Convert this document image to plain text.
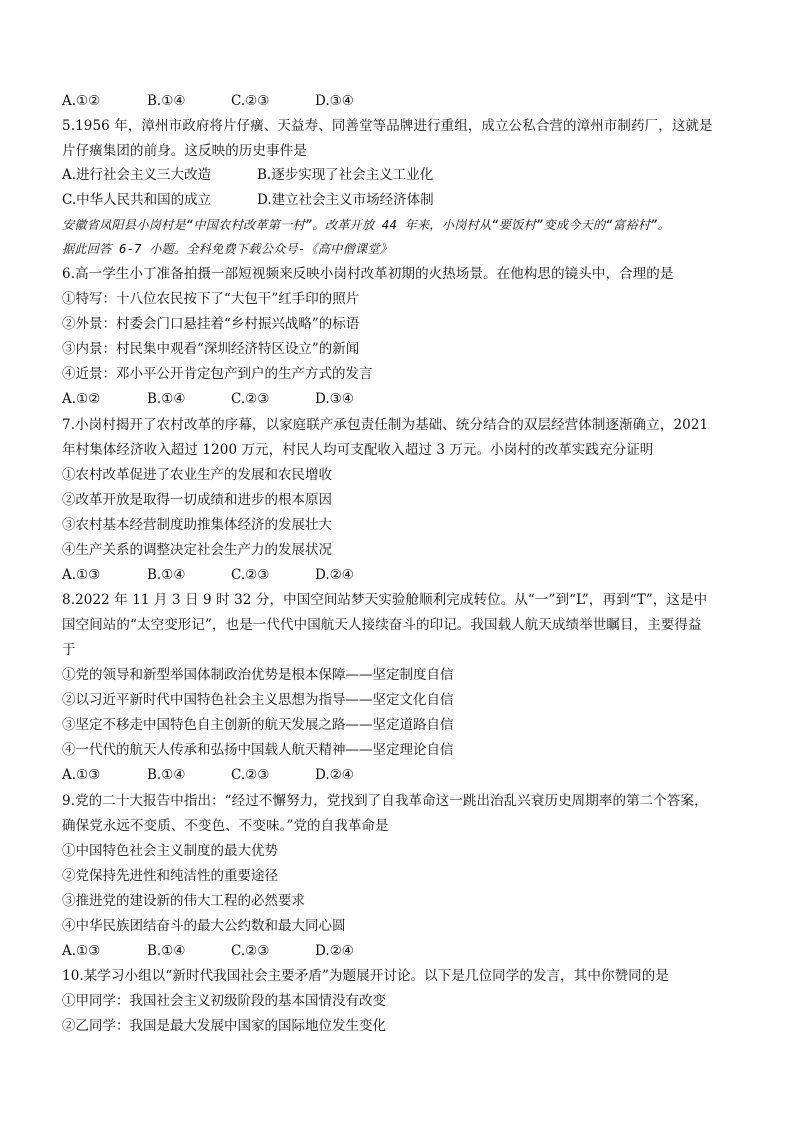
A.①②	B.①④	C.②③	D.③④
5.1956 年，漳州市政府将片仔癀、天益寿、同善堂等品牌进行重组，成立公私合营的漳州市制药厂，这就是
片仔癀集团的前身。这反映的历史事件是
A.进行社会主义三大改造	B.逐步实现了社会主义工业化
C.中华人民共和国的成立	D.建立社会主义市场经济体制
安徽省凤阳县小岗村是“中国农村改革第一村”。改革开放 44 年来，小岗村从“要饭村”变成今天的“富裕村”。
据此回答 6-7 小题。全科免费下载公众号-《高中僧课堂》
6.高一学生小丁准备拍摄一部短视频来反映小岗村改革初期的火热场景。在他构思的镜头中，合理的是
①特写：十八位农民按下了“大包干”红手印的照片
②外景：村委会门口悬挂着“乡村振兴战略”的标语
③内景：村民集中观看“深圳经济特区设立”的新闻
④近景：邓小平公开肯定包产到户的生产方式的发言
A.①②	B.①④	C.②③	D.③④
7.小岗村揭开了农村改革的序幕，以家庭联产承包责任制为基础、统分结合的双层经营体制逐渐确立，2021
年村集体经济收入超过 1200 万元，村民人均可支配收入超过 3 万元。小岗村的改革实践充分证明
①农村改革促进了农业生产的发展和农民增收
②改革开放是取得一切成绩和进步的根本原因
③农村基本经营制度助推集体经济的发展壮大
④生产关系的调整决定社会生产力的发展状况
A.①③	B.①④	C.②③	D.②④
8.2022 年 11 月 3 日 9 时 32 分，中国空间站梦天实验舱顺利完成转位。从“一”到“L”，再到“T”，这是中
国空间站的“太空变形记”，也是一代代中国航天人接续奋斗的印记。我国载人航天成绩举世瞩目，主要得益
于
①党的领导和新型举国体制政治优势是根本保障——坚定制度自信
②以习近平新时代中国特色社会主义思想为指导——坚定文化自信
③坚定不移走中国特色自主创新的航天发展之路——坚定道路自信
④一代代的航天人传承和弘扬中国载人航天精神——坚定理论自信
A.①③	B.①④	C.②③	D.②④
9.党的二十大报告中指出：“经过不懈努力，党找到了自我革命这一跳出治乱兴衰历史周期率的第二个答案，
确保党永远不变质、不变色、不变味。”党的自我革命是
①中国特色社会主义制度的最大优势
②党保持先进性和纯洁性的重要途径
③推进党的建设新的伟大工程的必然要求
④中华民族团结奋斗的最大公约数和最大同心圆
A.①③	B.①④	C.②③	D.②④
10.某学习小组以“新时代我国社会主要矛盾”为题展开讨论。以下是几位同学的发言，其中你赞同的是
①甲同学：我国社会主义初级阶段的基本国情没有改变
②乙同学：我国是最大发展中国家的国际地位发生变化
